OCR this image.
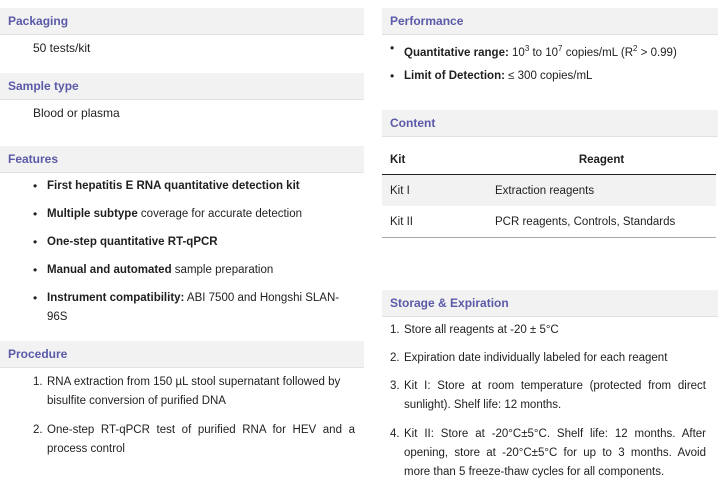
Packaging
50 tests/kit
Sample type
Blood or plasma
Features
• First hepatitis E RNA quantitative detection kit
• Multiple subtype coverage for accurate detection
• One-step quantitative RT-qPCR
• Manual and automated sample preparation
• Instrument compatibility: ABI 7500 and Hongshi SLAN-96S
Procedure
1. RNA extraction from 150 µL stool supernatant followed by bisulfite conversion of purified DNA
2. One-step RT-qPCR test of purified RNA for HEV and a process control
Performance
• Quantitative range: $10^3$ to $10^7$ copies/mL $(R^2 > 0.99)$
• Limit of Detection: ≤ 300 copies/mL
Content
Kit	Reagent
Kit I	Extraction reagents
Kit II	PCR reagents, Controls, Standards
Storage & Expiration
1. Store all reagents at -20 ± 5°C
2. Expiration date individually labeled for each reagent
3. Kit I: Store at room temperature (protected from direct sunlight). Shelf life: 12 months.
4. Kit II: Store at -20°C±5°C. Shelf life: 12 months. After opening, store at -20°C±5°C for up to 3 months. Avoid more than 5 freeze-thaw cycles for all components.
